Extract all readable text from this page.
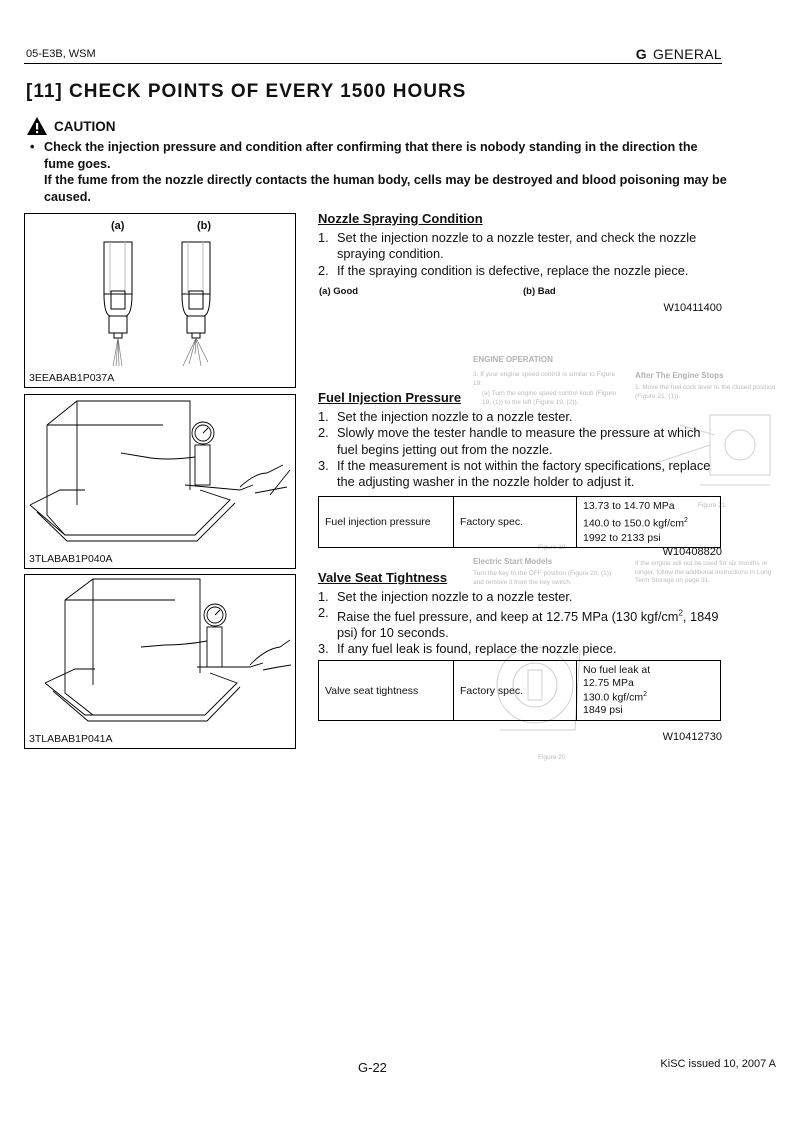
05-E3B, WSM	G GENERAL
[11] CHECK POINTS OF EVERY 1500 HOURS
CAUTION
• Check the injection pressure and condition after confirming that there is nobody standing in the direction the fume goes.

If the fume from the nozzle directly contacts the human body, cells may be destroyed and blood poisoning may be caused.

(a)	(b)
3EEABAB1P037A
3TLABAB1P040A
3TLABAB1P041A
Nozzle Spraying Condition
1. Set the injection nozzle to a nozzle tester, and check the nozzle spraying condition.
2. If the spraying condition is defective, replace the nozzle piece.
(a) Good	(b) Bad
W10411400
ENGINE OPERATION
3. If your engine speed control is similar to Figure 19:
(a) Turn the engine speed control knob (Figure 19, (1)) to the left (Figure 19, (2)).
After The Engine Stops
1. Move the fuel cock lever to the closed position (Figure 21, (1)).
Figure 19
Figure 21
Electric Start Models
Turn the key to the OFF position (Figure 20, (1)) and remove it from the key switch.
If the engine will not be used for six months or longer, follow the additional instructions in Long Term Storage on page 31.
Figure 20
Fuel Injection Pressure
1. Set the injection nozzle to a nozzle tester.
2. Slowly move the tester handle to measure the pressure at which fuel begins jetting out from the nozzle.
3. If the measurement is not within the factory specifications, replace the adjusting washer in the nozzle holder to adjust it.
Fuel injection pressure	Factory spec.	
13.73 to 14.70 MPa
140.0 to 150.0 kgf/$cm^2$
1992 to 2133 psi
W10408820
Valve Seat Tightness
1. Set the injection nozzle to a nozzle tester.
2. Raise the fuel pressure, and keep at 12.75 MPa (130 kgf/$cm^2$, 1849 psi) for 10 seconds.
3. If any fuel leak is found, replace the nozzle piece.
Valve seat tightness	Factory spec.	
No fuel leak at
12.75 MPa
130.0 kgf/$cm^2$
1849 psi
W10412730
G-22	KiSC issued 10, 2007 A
